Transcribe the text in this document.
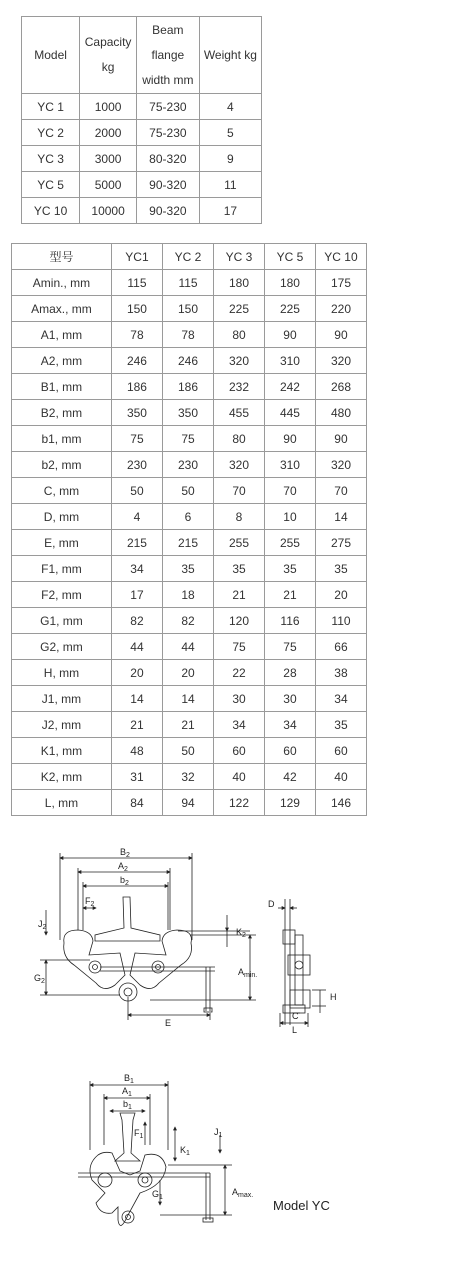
Model	Capacity kg	Beam flange width mm	Weight kg
YC 1	1000	75-230	4
YC 2	2000	75-230	5
YC 3	3000	80-320	9
YC 5	5000	90-320	11
YC 10	10000	90-320	17
型号	YC1	YC 2	YC 3	YC 5	YC 10
Amin., mm	115	115	180	180	175
Amax., mm	150	150	225	225	220
A1, mm	78	78	80	90	90
A2, mm	246	246	320	310	320
B1, mm	186	186	232	242	268
B2, mm	350	350	455	445	480
b1, mm	75	75	80	90	90
b2, mm	230	230	320	310	320
C, mm	50	50	70	70	70
D, mm	4	6	8	10	14
E, mm	215	215	255	255	275
F1, mm	34	35	35	35	35
F2, mm	17	18	21	21	20
G1, mm	82	82	120	116	110
G2, mm	44	44	75	75	66
H, mm	20	20	22	28	38
J1, mm	14	14	30	30	34
J2, mm	21	21	34	34	35
K1, mm	48	50	60	60	60
K2, mm	31	32	40	42	40
L, mm	84	94	122	129	146
$B_2$
$A_2$
$b_2$
$F_2$
$J_2$
$G_2$
$K_2$
$A_{min.}$
E
D
H
C
L
$B_1$
$A_1$
$b_1$
$F_1$
$K_1$
$J_1$
$A_{max.}$
$G_1$
Model YC
